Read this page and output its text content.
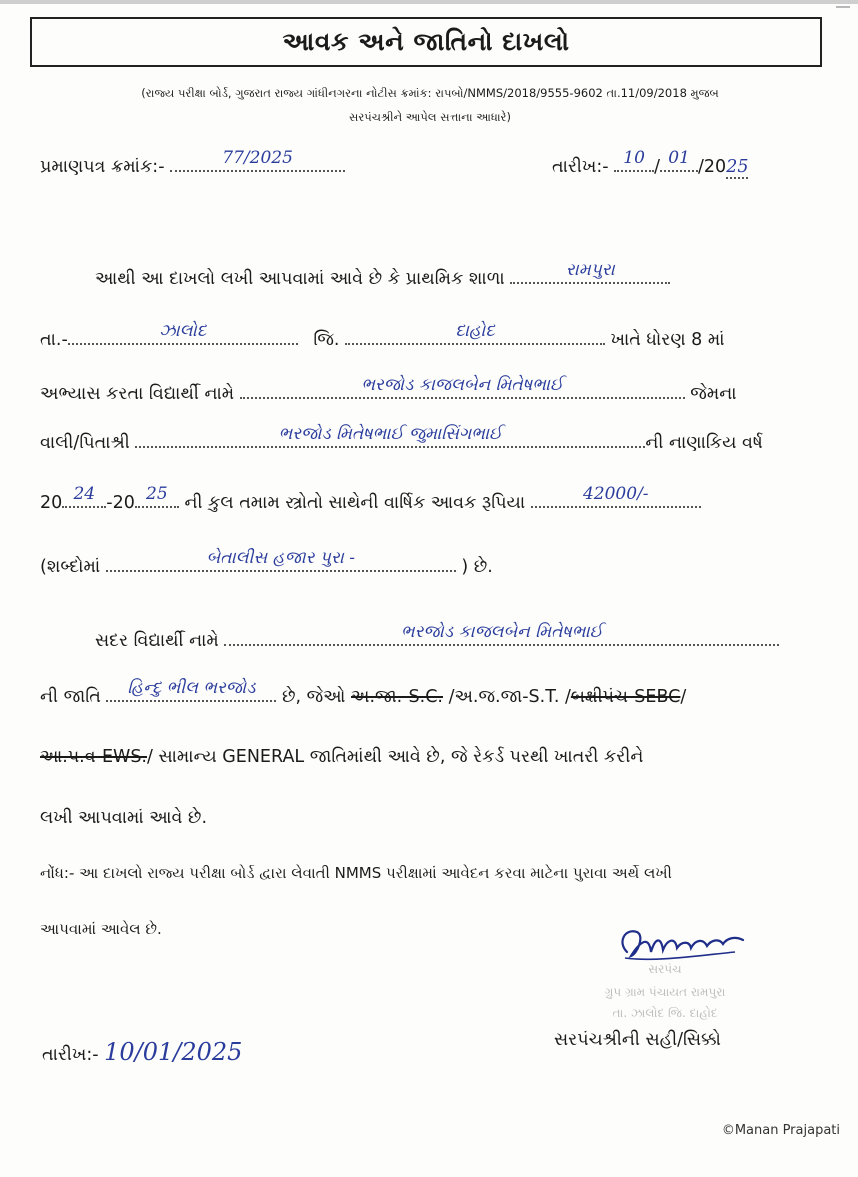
આવક અને જાતિનો દાખલો
(રાજ્ય પરીક્ષા બોર્ડ, ગુજરાત રાજ્ય ગાંધીનગરના નોટીસ ક્રમાંક: રાપબો/NMMS/2018/9555-9602 તા.11/09/2018 મુજબ
સરપંચશ્રીને આપેલ સત્તાના આધારે)
પ્રમાણપત્ર ક્રમાંક:-	77/2025	તારીખ:- 10 / 01 /2025
આથી આ દાખલો લખી આપવામાં આવે છે કે પ્રાથમિક શાળા	રામપુરા
તા.-	ઝાલોદ	જિ.	દાહોદ	ખાતે ધોરણ 8 માં
અભ્યાસ કરતા વિદ્યાર્થી નામે	ભરજોડ કાજલબેન મિતેષભાઈ	જેમના
વાલી/પિતાશ્રી	ભરજોડ મિતેષભાઈ જુમાસિંગભાઈ	ની નાણાકિય વર્ષ
20 24 -20 25 ની કુલ તમામ સ્ત્રોતો સાથેની વાર્ષિક આવક રૂપિયા	42000/-
(શબ્દોમાં	બેતાલીસ હજાર પુરા -	) છે.
સદર વિદ્યાર્થી નામે	ભરજોડ કાજલબેન મિતેષભાઈ
ની જાતિ	હિન્દુ ભીલ ભરજોડ	છે, જેઓ અ.જા.-S.C. /અ.જ.જા-S.T. /બક્ષીપંચ-SEBC/
આ.પ.વ-EWS./ સામાન્ય GENERAL જાતિમાંથી આવે છે, જે રેકર્ડ પરથી ખાતરી કરીને
લખી આપવામાં આવે છે.
નોંધ:- આ દાખલો રાજ્ય પરીક્ષા બોર્ડ દ્વારા લેવાતી NMMS પરીક્ષામાં આવેદન કરવા માટેના પુરાવા અર્થે લખી
આપવામાં આવેલ છે.
સરપંચ
ગ્રુપ ગ્રામ પંચાયત રામપુરા
તા. ઝાલોદ જિ. દાહોદ
તારીખ:- 10/01/2025	સરપંચશ્રીની સહી/સિક્કો
©Manan Prajapati
